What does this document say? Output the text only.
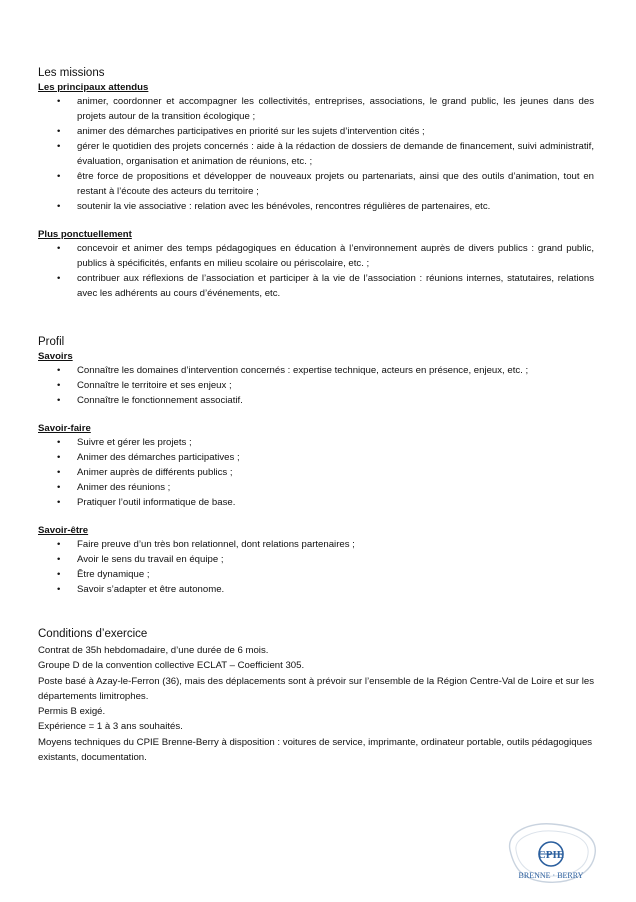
Les missions
Les principaux attendus
• animer, coordonner et accompagner les collectivités, entreprises, associations, le grand public, les jeunes dans des projets autour de la transition écologique ;
• animer des démarches participatives en priorité sur les sujets d’intervention cités ;
• gérer le quotidien des projets concernés : aide à la rédaction de dossiers de demande de financement, suivi administratif, évaluation, organisation et animation de réunions, etc. ;
• être force de propositions et développer de nouveaux projets ou partenariats, ainsi que des outils d’animation, tout en restant à l’écoute des acteurs du territoire ;
• soutenir la vie associative : relation avec les bénévoles, rencontres régulières de partenaires, etc.
Plus ponctuellement
• concevoir et animer des temps pédagogiques en éducation à l’environnement auprès de divers publics : grand public, publics à spécificités, enfants en milieu scolaire ou périscolaire, etc. ;
• contribuer aux réflexions de l’association et participer à la vie de l’association : réunions internes, statutaires, relations avec les adhérents au cours d’événements, etc.
Profil
Savoirs
• Connaître les domaines d’intervention concernés : expertise technique, acteurs en présence, enjeux, etc. ;
• Connaître le territoire et ses enjeux ;
• Connaître le fonctionnement associatif.
Savoir-faire
• Suivre et gérer les projets ;
• Animer des démarches participatives ;
• Animer auprès de différents publics ;
• Animer des réunions ;
• Pratiquer l’outil informatique de base.
Savoir-être
• Faire preuve d’un très bon relationnel, dont relations partenaires ;
• Avoir le sens du travail en équipe ;
• Être dynamique ;
• Savoir s’adapter et être autonome.
Conditions d’exercice

Contrat de 35h hebdomadaire, d’une durée de 6 mois.

Groupe D de la convention collective ECLAT – Coefficient 305.

Poste basé à Azay-le-Ferron (36), mais des déplacements sont à prévoir sur l’ensemble de la Région Centre-Val de Loire et sur les départements limitrophes.

Permis B exigé.

Expérience = 1 à 3 ans souhaités.

Moyens techniques du CPIE Brenne-Berry à disposition : voitures de service, imprimante, ordinateur portable, outils pédagogiques existants, documentation.

CPIE
BRENNE · BERRY
